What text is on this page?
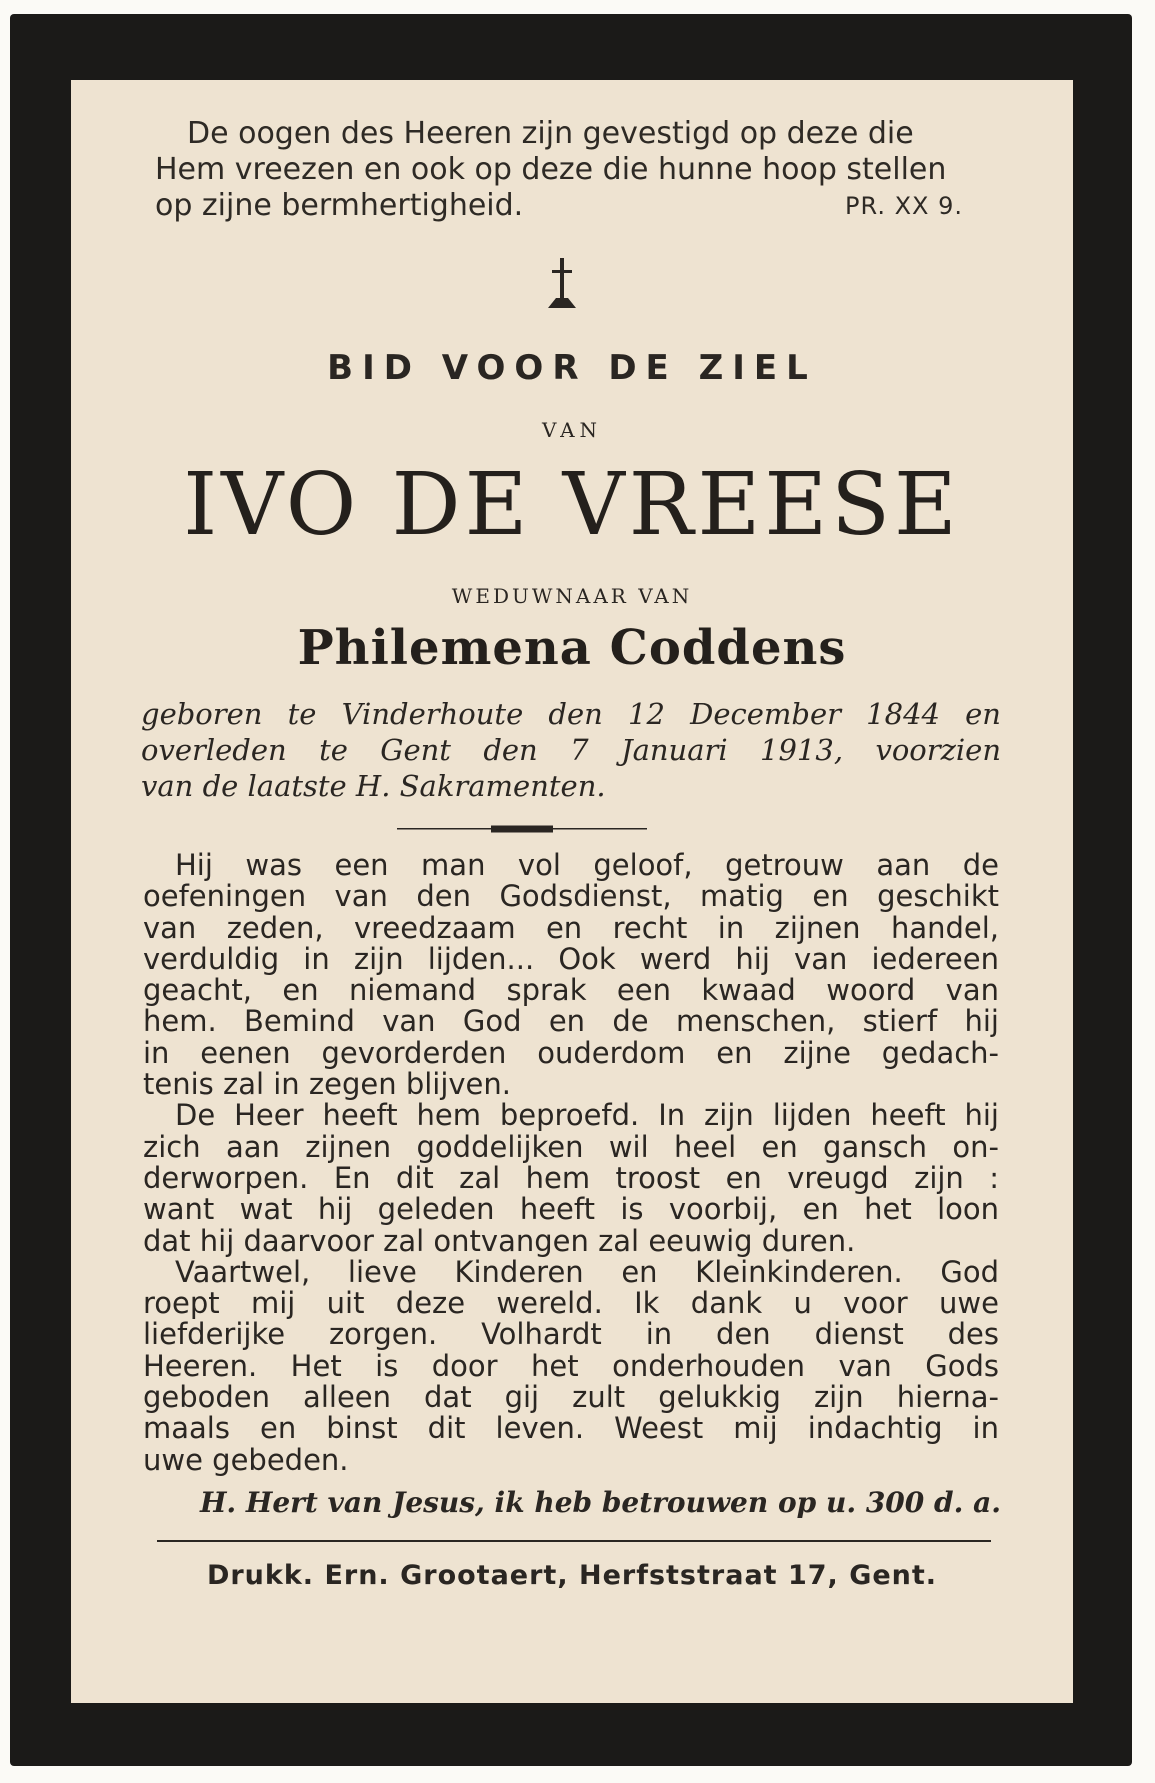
De oogen des Heeren zijn gevestigd op deze die
Hem vreezen en ook op deze die hunne hoop stellen
op zijne bermhertigheid.	PR. XX 9.
BID VOOR DE ZIEL
VAN
IVO DE VREESE
WEDUWNAAR VAN
Philemena Coddens
geboren te Vinderhoute den 12 December 1844 en
overleden te Gent den 7 Januari 1913, voorzien
van de laatste H. Sakramenten.
Hij was een man vol geloof, getrouw aan de
oefeningen van den Godsdienst, matig en geschikt
van zeden, vreedzaam en recht in zijnen handel,
verduldig in zijn lijden... Ook werd hij van iedereen
geacht, en niemand sprak een kwaad woord van
hem. Bemind van God en de menschen, stierf hij
in eenen gevorderden ouderdom en zijne gedach-
tenis zal in zegen blijven.
De Heer heeft hem beproefd. In zijn lijden heeft hij
zich aan zijnen goddelijken wil heel en gansch on-
derworpen. En dit zal hem troost en vreugd zijn :
want wat hij geleden heeft is voorbij, en het loon
dat hij daarvoor zal ontvangen zal eeuwig duren.
Vaartwel, lieve Kinderen en Kleinkinderen. God
roept mij uit deze wereld. Ik dank u voor uwe
liefderijke zorgen. Volhardt in den dienst des
Heeren. Het is door het onderhouden van Gods
geboden alleen dat gij zult gelukkig zijn hierna-
maals en binst dit leven. Weest mij indachtig in
uwe gebeden.
H. Hert van Jesus, ik heb betrouwen op u. 300 d. a.
Drukk. Ern. Grootaert, Herfststraat 17, Gent.
